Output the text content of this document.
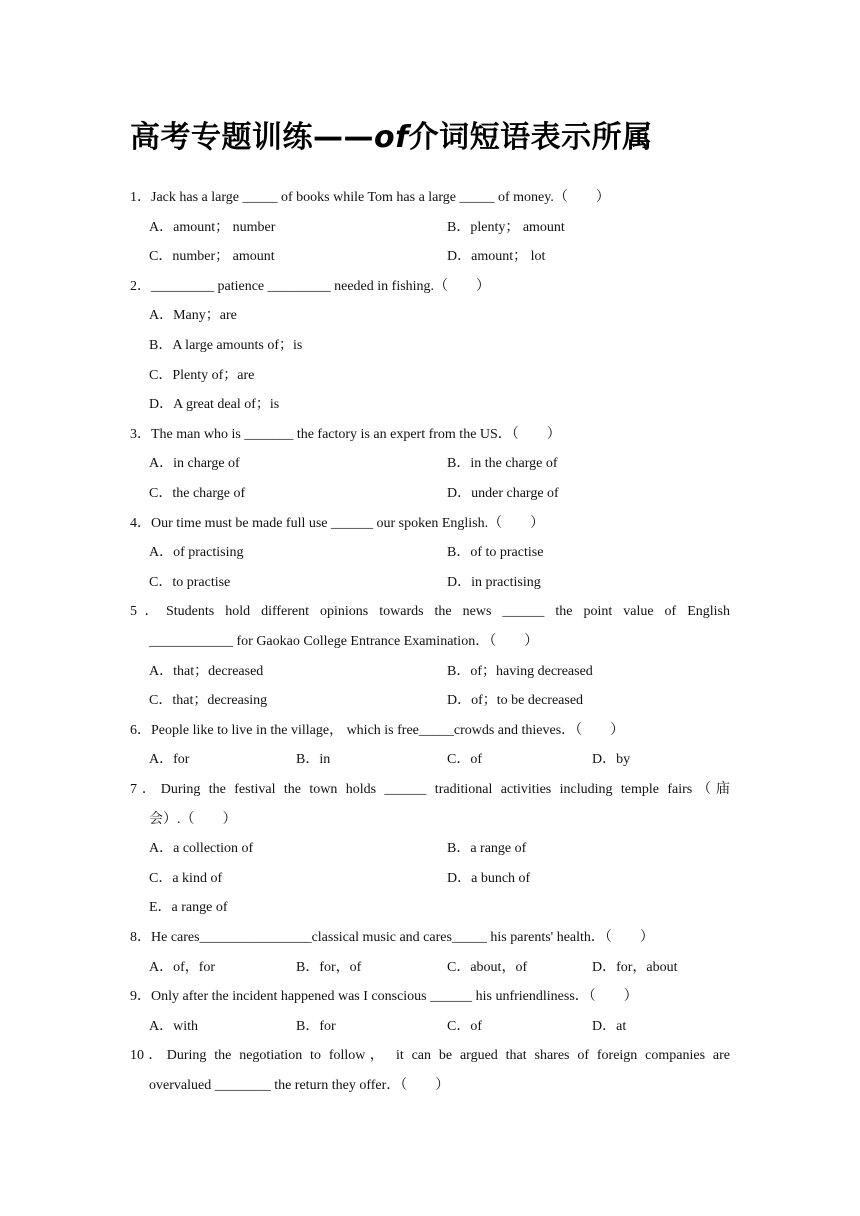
高考专题训练——of介词短语表示所属
1．Jack has a large _____ of books while Tom has a large _____ of money.（　　）
A．amount； number	B．plenty； amount
C．number； amount	D．amount； lot
2．_________ patience _________ needed in fishing.（　　）
A．Many；are
B．A large amounts of；is
C．Plenty of；are
D．A great deal of；is
3．The man who is _______ the factory is an expert from the US．（　　）
A．in charge of	B．in the charge of
C．the charge of	D．under charge of
4．Our time must be made full use ______ our spoken English.（　　）
A．of practising	B．of to practise
C．to practise	D．in practising
5．Students hold different opinions towards the news ______ the point value of English
____________ for Gaokao College Entrance Examination．（　　）
A．that；decreased	B．of；having decreased
C．that；decreasing	D．of；to be decreased
6．People like to live in the village， which is free_____crowds and thieves．（　　）
A．for	B．in	C．of	D．by
7．During the festival the town holds ______ traditional activities including temple fairs（庙
会）.（　　）
A．a collection of	B．a range of
C．a kind of	D．a bunch of
E．a range of
8．He cares________________classical music and cares_____ his parents' health．（　　）
A．of，for	B．for，of	C．about，of	D．for，about
9．Only after the incident happened was I conscious ______ his unfriendliness．（　　）
A．with	B．for	C．of	D．at
10．During the negotiation to follow， it can be argued that shares of foreign companies are
overvalued ________ the return they offer．（　　）
